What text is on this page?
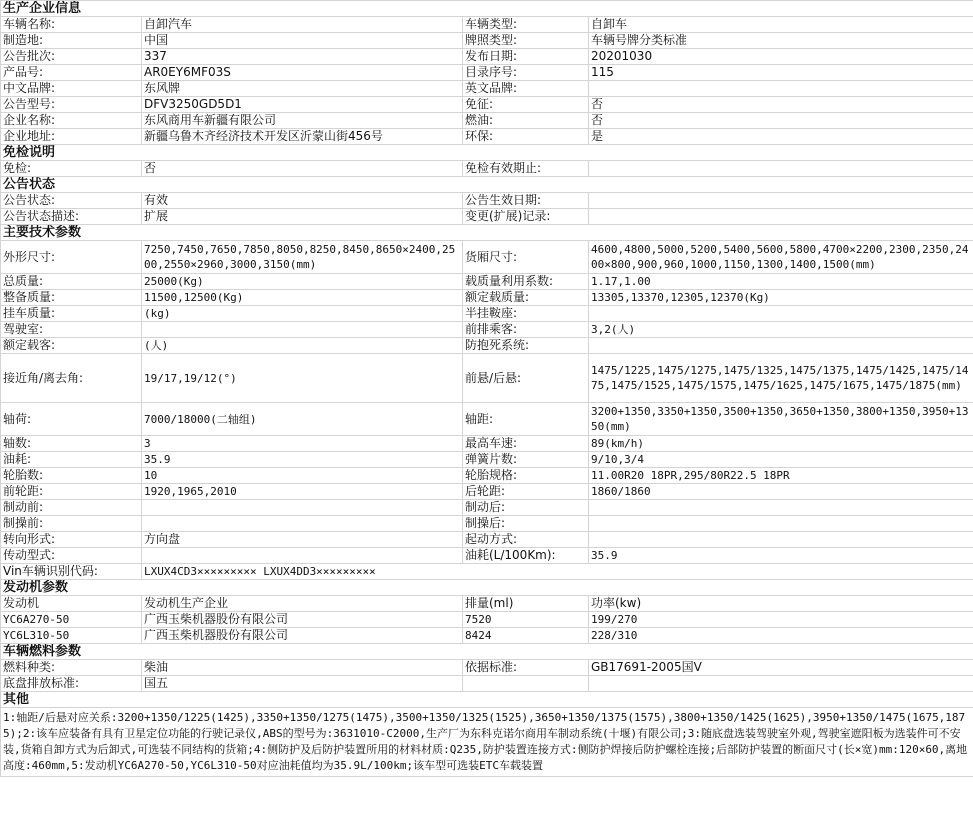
生产企业信息			
车辆名称:	自卸汽车	车辆类型:	自卸车
制造地:	中国	牌照类型:	车辆号牌分类标准
公告批次:	337	发布日期:	20201030
产品号:	AR0EY6MF03S	目录序号:	115
中文品牌:	东风牌	英文品牌:	
公告型号:	DFV3250GD5D1	免征:	否
企业名称:	东风商用车新疆有限公司	燃油:	否
企业地址:	新疆乌鲁木齐经济技术开发区沂蒙山街456号	环保:	是
免检说明			
免检:	否	免检有效期止:	
公告状态			
公告状态:	有效	公告生效日期:	
公告状态描述:	扩展	变更(扩展)记录:	
主要技术参数			
外形尺寸:	7250,7450,7650,7850,8050,8250,8450,8650×2400,2500,2550×2960,3000,3150(mm)	货厢尺寸:	4600,4800,5000,5200,5400,5600,5800,4700×2200,2300,2350,2400×800,900,960,1000,1150,1300,1400,1500(mm)
总质量:	25000(Kg)	载质量利用系数:	1.17,1.00
整备质量:	11500,12500(Kg)	额定载质量:	13305,13370,12305,12370(Kg)
挂车质量:	(kg)	半挂鞍座:	
驾驶室:		前排乘客:	3,2(人)
额定载客:	(人)	防抱死系统:	
接近角/离去角:	19/17,19/12(°)	前悬/后悬:	1475/1225,1475/1275,1475/1325,1475/1375,1475/1425,1475/1475,1475/1525,1475/1575,1475/1625,1475/1675,1475/1875(mm)
轴荷:	7000/18000(二轴组)	轴距:	3200+1350,3350+1350,3500+1350,3650+1350,3800+1350,3950+1350(mm)
轴数:	3	最高车速:	89(km/h)
油耗:	35.9	弹簧片数:	9/10,3/4
轮胎数:	10	轮胎规格:	11.00R20 18PR,295/80R22.5 18PR
前轮距:	1920,1965,2010	后轮距:	1860/1860
制动前:		制动后:	
制操前:		制操后:	
转向形式:	方向盘	起动方式:	
传动型式:		油耗(L/100Km):	35.9
Vin车辆识别代码:	LXUX4CD3××××××××× LXUX4DD3×××××××××		
发动机参数			
发动机	发动机生产企业	排量(ml)	功率(kw)
YC6A270-50	广西玉柴机器股份有限公司	7520	199/270
YC6L310-50	广西玉柴机器股份有限公司	8424	228/310
车辆燃料参数			
燃料种类:	柴油	依据标准:	GB17691-2005国Ⅴ
底盘排放标准:	国五		
其他			
1:轴距/后悬对应关系:3200+1350/1225(1425),3350+1350/1275(1475),3500+1350/1325(1525),3650+1350/1375(1575),3800+1350/1425(1625),3950+1350/1475(1675,1875);2:该车应装备有具有卫星定位功能的行驶记录仪,ABS的型号为:3631010-C2000,生产厂为东科克诺尔商用车制动系统(十堰)有限公司;3:随底盘选装驾驶室外观,驾驶室遮阳板为选装件可不安装,货箱自卸方式为后卸式,可选装不同结构的货箱;4:侧防护及后防护装置所用的材料材质:Q235,防护装置连接方式:侧防护焊接后防护螺栓连接;后部防护装置的断面尺寸(长×宽)mm:120×60,离地高度:460mm,5:发动机YC6A270-50,YC6L310-50对应油耗值均为35.9L/100km;该车型可选装ETC车载装置			
